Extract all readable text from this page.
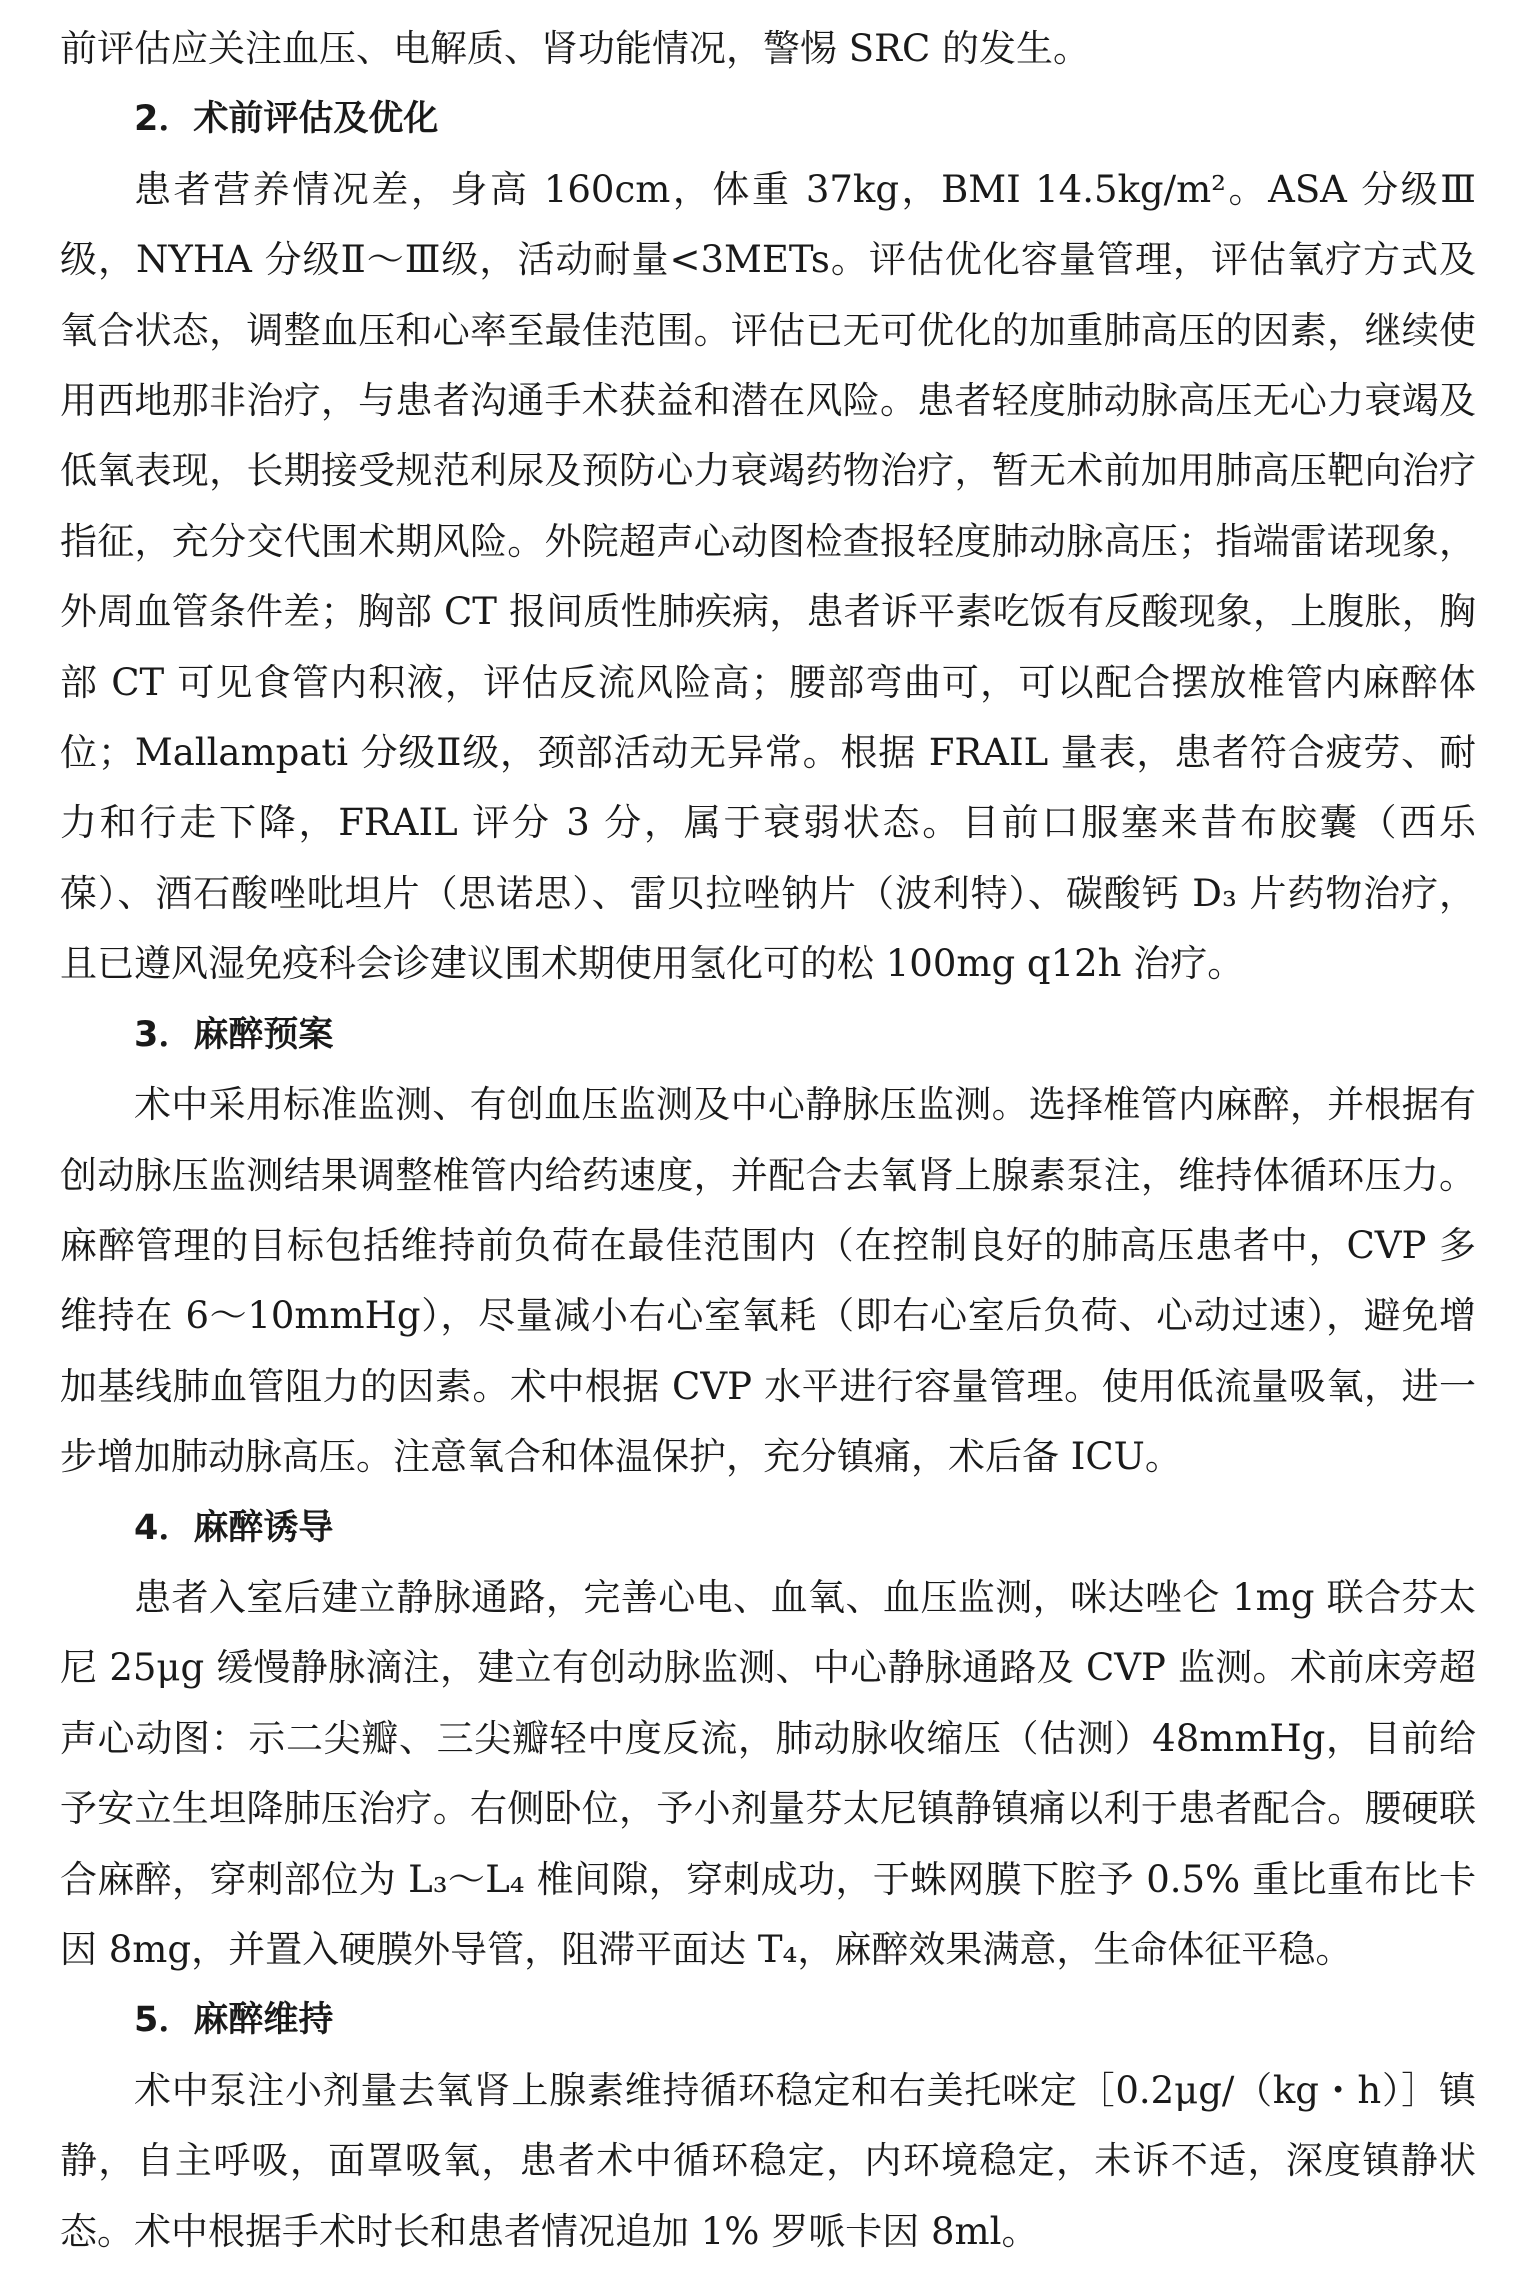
前评估应关注血压、电解质、肾功能情况，警惕 SRC 的发生。

2．术前评估及优化

患者营养情况差，身高 160cm，体重 37kg，BMI 14.5kg/m²。ASA 分级Ⅲ级，NYHA 分级Ⅱ～Ⅲ级，活动耐量<3METs。评估优化容量管理，评估氧疗方式及氧合状态，调整血压和心率至最佳范围。评估已无可优化的加重肺高压的因素，继续使用西地那非治疗，与患者沟通手术获益和潜在风险。患者轻度肺动脉高压无心力衰竭及低氧表现，长期接受规范利尿及预防心力衰竭药物治疗，暂无术前加用肺高压靶向治疗指征，充分交代围术期风险。外院超声心动图检查报轻度肺动脉高压；指端雷诺现象，外周血管条件差；胸部 CT 报间质性肺疾病，患者诉平素吃饭有反酸现象，上腹胀，胸部 CT 可见食管内积液，评估反流风险高；腰部弯曲可，可以配合摆放椎管内麻醉体位；Mallampati 分级Ⅱ级，颈部活动无异常。根据 FRAIL 量表，患者符合疲劳、耐力和行走下降，FRAIL 评分 3 分，属于衰弱状态。目前口服塞来昔布胶囊（西乐葆）、酒石酸唑吡坦片（思诺思）、雷贝拉唑钠片（波利特）、碳酸钙 D₃ 片药物治疗，且已遵风湿免疫科会诊建议围术期使用氢化可的松 100mg q12h 治疗。

3．麻醉预案

术中采用标准监测、有创血压监测及中心静脉压监测。选择椎管内麻醉，并根据有创动脉压监测结果调整椎管内给药速度，并配合去氧肾上腺素泵注，维持体循环压力。麻醉管理的目标包括维持前负荷在最佳范围内（在控制良好的肺高压患者中，CVP 多维持在 6～10mmHg），尽量减小右心室氧耗（即右心室后负荷、心动过速），避免增加基线肺血管阻力的因素。术中根据 CVP 水平进行容量管理。使用低流量吸氧，进一步增加肺动脉高压。注意氧合和体温保护，充分镇痛，术后备 ICU。

4．麻醉诱导

患者入室后建立静脉通路，完善心电、血氧、血压监测，咪达唑仑 1mg 联合芬太尼 25μg 缓慢静脉滴注，建立有创动脉监测、中心静脉通路及 CVP 监测。术前床旁超声心动图：示二尖瓣、三尖瓣轻中度反流，肺动脉收缩压（估测）48mmHg，目前给予安立生坦降肺压治疗。右侧卧位，予小剂量芬太尼镇静镇痛以利于患者配合。腰硬联合麻醉，穿刺部位为 L₃～L₄ 椎间隙，穿刺成功，于蛛网膜下腔予 0.5% 重比重布比卡因 8mg，并置入硬膜外导管，阻滞平面达 T₄，麻醉效果满意，生命体征平稳。

5．麻醉维持

术中泵注小剂量去氧肾上腺素维持循环稳定和右美托咪定［0.2μg/（kg・h）］镇静，自主呼吸，面罩吸氧，患者术中循环稳定，内环境稳定，未诉不适，深度镇静状态。术中根据手术时长和患者情况追加 1% 罗哌卡因 8ml。
